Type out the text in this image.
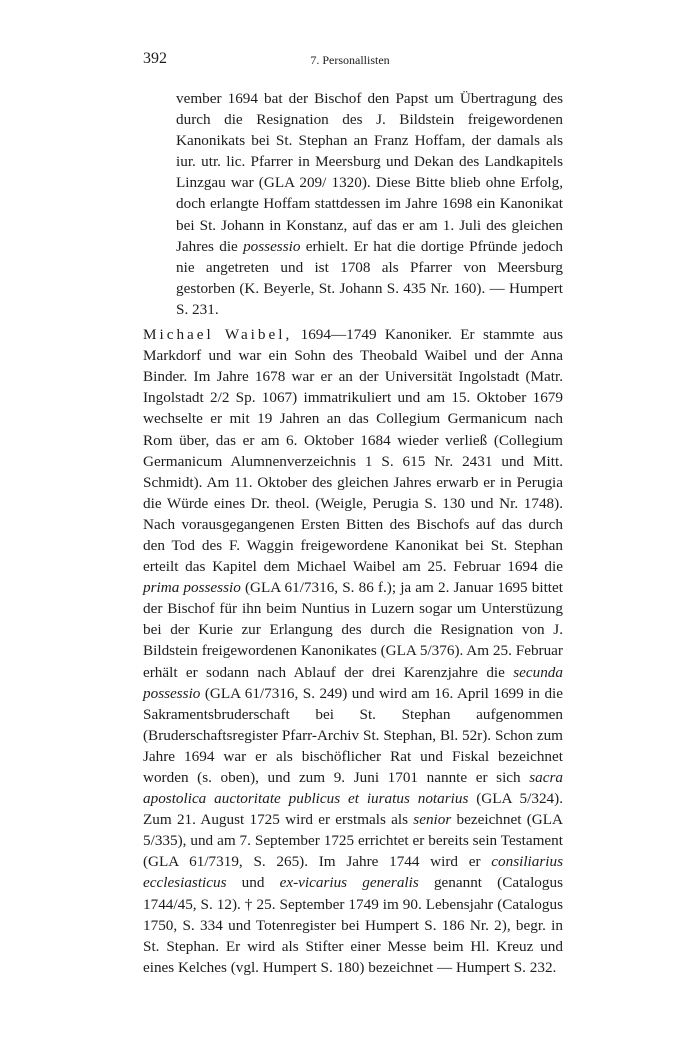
392	7. Personallisten

vember 1694 bat der Bischof den Papst um Übertragung des durch die Resignation des J. Bildstein freigewordenen Kanonikats bei St. Stephan an Franz Hoffam, der damals als iur. utr. lic. Pfarrer in Meersburg und Dekan des Landkapitels Linzgau war (GLA 209/ 1320). Diese Bitte blieb ohne Erfolg, doch erlangte Hoffam stattdessen im Jahre 1698 ein Kanonikat bei St. Johann in Konstanz, auf das er am 1. Juli des gleichen Jahres die possessio erhielt. Er hat die dortige Pfründe jedoch nie angetreten und ist 1708 als Pfarrer von Meersburg gestorben (K. Beyerle, St. Johann S. 435 Nr. 160). — Humpert S. 231.

Michael Waibel, 1694—1749 Kanoniker. Er stammte aus Markdorf und war ein Sohn des Theobald Waibel und der Anna Binder. Im Jahre 1678 war er an der Universität Ingolstadt (Matr. Ingolstadt 2/2 Sp. 1067) immatrikuliert und am 15. Oktober 1679 wechselte er mit 19 Jahren an das Collegium Germanicum nach Rom über, das er am 6. Oktober 1684 wieder verließ (Collegium Germanicum Alumnenverzeichnis 1 S. 615 Nr. 2431 und Mitt. Schmidt). Am 11. Oktober des gleichen Jahres erwarb er in Perugia die Würde eines Dr. theol. (Weigle, Perugia S. 130 und Nr. 1748). Nach vorausgegangenen Ersten Bitten des Bischofs auf das durch den Tod des F. Waggin freigewordene Kanonikat bei St. Stephan erteilt das Kapitel dem Michael Waibel am 25. Februar 1694 die prima possessio (GLA 61/7316, S. 86 f.); ja am 2. Januar 1695 bittet der Bischof für ihn beim Nuntius in Luzern sogar um Unterstüzung bei der Kurie zur Erlangung des durch die Resignation von J. Bildstein freigewordenen Kanonikates (GLA 5/376). Am 25. Februar erhält er sodann nach Ablauf der drei Karenzjahre die secunda possessio (GLA 61/7316, S. 249) und wird am 16. April 1699 in die Sakramentsbruderschaft bei St. Stephan aufgenommen (Bruderschaftsregister Pfarr-Archiv St. Stephan, Bl. 52r). Schon zum Jahre 1694 war er als bischöflicher Rat und Fiskal bezeichnet worden (s. oben), und zum 9. Juni 1701 nannte er sich sacra apostolica auctoritate publicus et iuratus notarius (GLA 5/324). Zum 21. August 1725 wird er erstmals als senior bezeichnet (GLA 5/335), und am 7. September 1725 errichtet er bereits sein Testament (GLA 61/7319, S. 265). Im Jahre 1744 wird er consiliarius ecclesiasticus und ex-vicarius generalis genannt (Catalogus 1744/45, S. 12). † 25. September 1749 im 90. Lebensjahr (Catalogus 1750, S. 334 und Totenregister bei Humpert S. 186 Nr. 2), begr. in St. Stephan. Er wird als Stifter einer Messe beim Hl. Kreuz und eines Kelches (vgl. Humpert S. 180) bezeichnet — Humpert S. 232.
